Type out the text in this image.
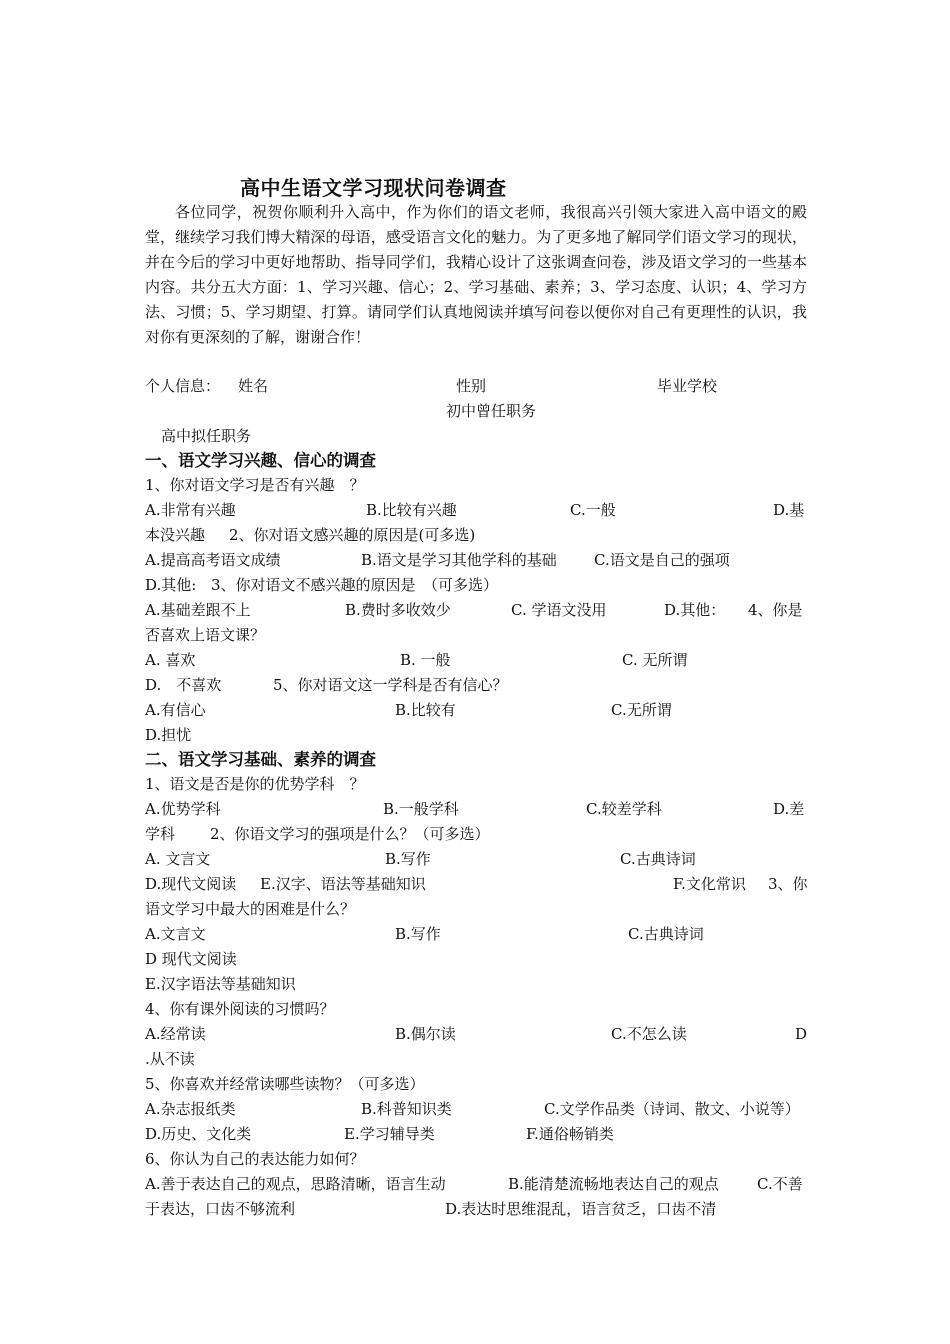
高中生语文学习现状问卷调查
各位同学，祝贺你顺利升入高中，作为你们的语文老师，我很高兴引领大家进入高中语文的殿堂，继续学习我们博大精深的母语，感受语言文化的魅力。为了更多地了解同学们语文学习的现状，并在今后的学习中更好地帮助、指导同学们，我精心设计了这张调查问卷，涉及语文学习的一些基本内容。共分五大方面：1、学习兴趣、信心；2、学习基础、素养；3、学习态度、认识；4、学习方法、习惯；5、学习期望、打算。请同学们认真地阅读并填写问卷以便你对自己有更理性的认识，我对你有更深刻的了解，谢谢合作！
个人信息： 姓名	性别	毕业学校
初中曾任职务
高中拟任职务
一、语文学习兴趣、信心的调查
1、你对语文学习是否有兴趣　？
A.非常有兴趣	B.比较有兴趣	C.一般	D.基
本没兴趣 2、你对语文感兴趣的原因是(可多选)
A.提高高考语文成绩	B.语文是学习其他学科的基础 C.语文是自己的强项
D.其他: 3、你对语文不感兴趣的原因是　（可多选）
A.基础差跟不上	B.费时多收效少	C. 学语文没用	D.其他： 4、你是
否喜欢上语文课？
A. 喜欢	B. 一般	C. 无所谓
D.　不喜欢	5、你对语文这一学科是否有信心？
A.有信心	B.比较有	C.无所谓
D.担忧
二、语文学习基础、素养的调查
1、语文是否是你的优势学科　？
A.优势学科	B.一般学科	C.较差学科	D.差
学科 2、你语文学习的强项是什么？（可多选）
A. 文言文	B.写作	C.古典诗词
D.现代文阅读 E.汉字、语法等基础知识	F.文化常识 3、你
语文学习中最大的困难是什么？
A.文言文	B.写作	C.古典诗词
D 现代文阅读
E.汉字语法等基础知识
4、你有课外阅读的习惯吗？
A.经常读	B.偶尔读	C.不怎么读	D
.从不读
5、你喜欢并经常读哪些读物？（可多选）
A.杂志报纸类	B.科普知识类	C.文学作品类（诗词、散文、小说等）
D.历史、文化类	E.学习辅导类	F.通俗畅销类
6、你认为自己的表达能力如何？
A.善于表达自己的观点，思路清晰，语言生动	B.能清楚流畅地表达自己的观点	C.不善
于表达，口齿不够流利	D.表达时思维混乱，语言贫乏，口齿不清
